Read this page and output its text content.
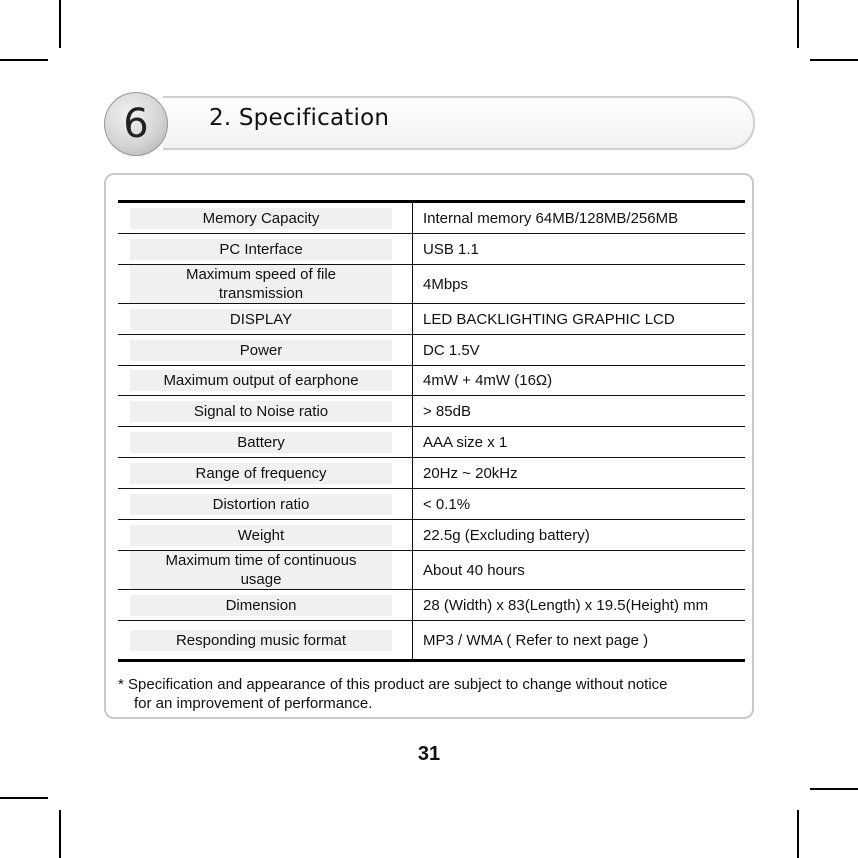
6	2. Specification
Memory Capacity	Internal memory 64MB/128MB/256MB

PC Interface	USB 1.1

Maximum speed of file transmission	4Mbps

DISPLAY	LED BACKLIGHTING GRAPHIC LCD

Power	DC 1.5V

Maximum output of earphone	4mW + 4mW (16Ω)

Signal to Noise ratio	> 85dB

Battery	AAA size x 1

Range of frequency	20Hz ~ 20kHz

Distortion ratio	< 0.1%

Weight	22.5g (Excluding battery)

Maximum time of continuous usage	About 40 hours

Dimension	28 (Width) x 83(Length) x 19.5(Height) mm

Responding music format	MP3 / WMA ( Refer to next page )
* Specification and appearance of this product are subject to change without notice
for an improvement of performance.
31
